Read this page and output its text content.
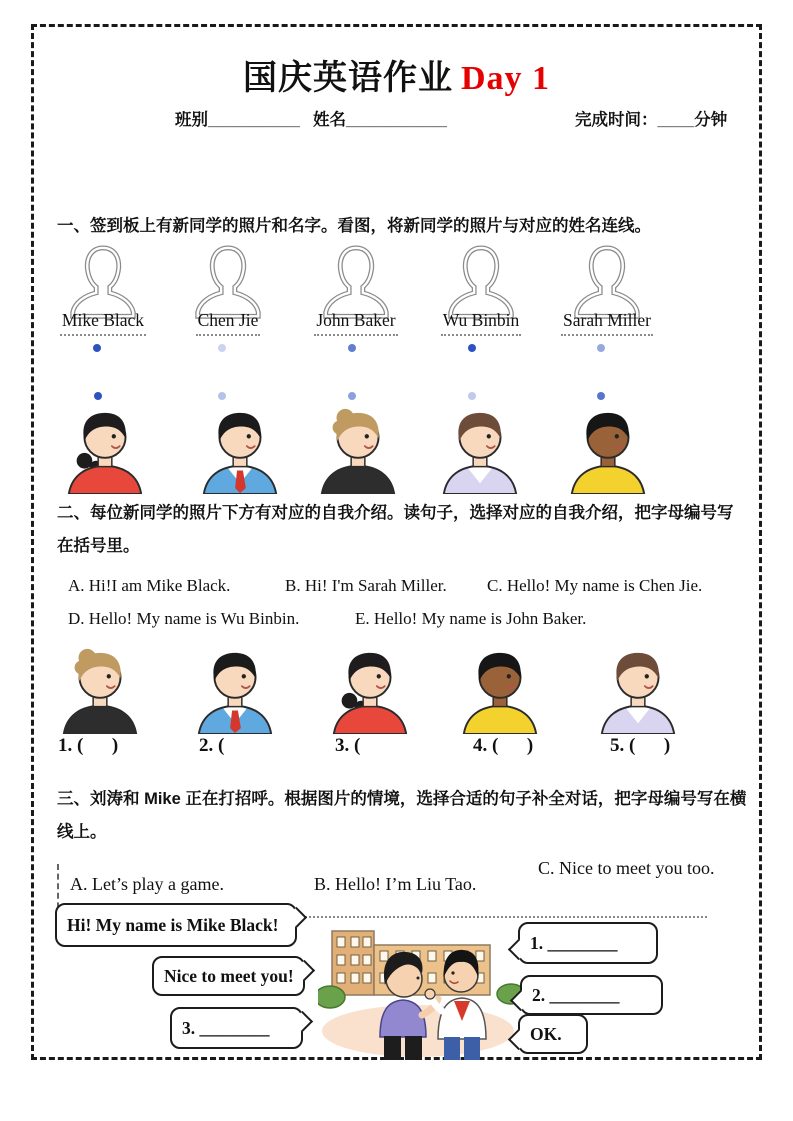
国庆英语作业 Day 1
班别__________ 姓名___________	完成时间：____分钟
一、签到板上有新同学的照片和名字。看图，将新同学的照片与对应的姓名连线。
Mike Black	Chen Jie	John Baker	Wu Binbin	Sarah Miller
二、每位新同学的照片下方有对应的自我介绍。读句子，选择对应的自我介绍，把字母编号写在括号里。
A. Hi!I am Mike Black.	B. Hi! I'm Sarah Miller. C. Hello! My name is Chen Jie.
D. Hello! My name is Wu Binbin.	E. Hello! My name is John Baker.
1. (      )	2. (	3. (	4. (      )	5. (      )
三、刘涛和 Mike 正在打招呼。根据图片的情境，选择合适的句子补全对话，把字母编号写在横线上。
A. Let’s play a game.	B. Hello! I’m Liu Tao.
C. Nice to meet you too.
Hi! My name is Mike Black!
Nice to meet you!
3. ________
1. ________
2. ________
OK.
